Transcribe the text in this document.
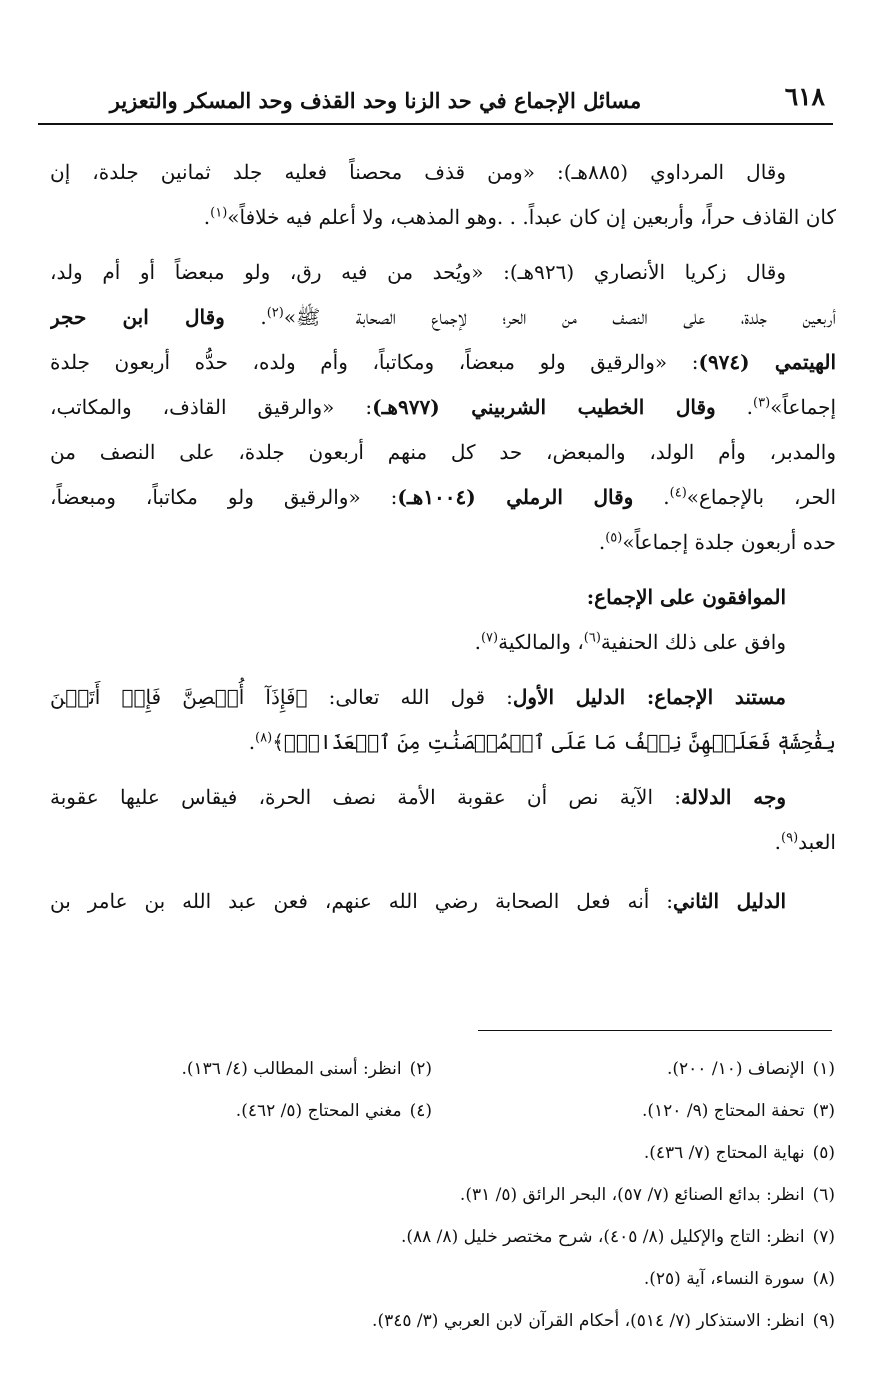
٦١٨
مسائل الإجماع في حد الزنا وحد القذف وحد المسكر والتعزير
وقال المرداوي (٨٨٥هـ): «ومن قذف محصناً فعليه جلد ثمانين جلدة، إن
كان القاذف حراً، وأربعين إن كان عبداً. . .وهو المذهب، ولا أعلم فيه خلافاً»$^{(١)}$.
وقال زكريا الأنصاري (٩٢٦هـ): «ويُحد من فيه رق، ولو مبعضاً أو أم ولد،
أربعين جلدة، على النصف من الحر؛ لإجماع الصحابة ﷺ»$^{(٢)}$. وقال ابن حجر
الهيتمي (٩٧٤): «والرقيق ولو مبعضاً، ومكاتباً، وأم ولده، حدُّه أربعون جلدة
إجماعاً»$^{(٣)}$. وقال الخطيب الشربيني (٩٧٧هـ): «والرقيق القاذف، والمكاتب،
والمدبر، وأم الولد، والمبعض، حد كل منهم أربعون جلدة، على النصف من
الحر، بالإجماع»$^{(٤)}$. وقال الرملي (١٠٠٤هـ): «والرقيق ولو مكاتباً، ومبعضاً،
حده أربعون جلدة إجماعاً»$^{(٥)}$.
الموافقون على الإجماع:
وافق على ذلك الحنفية$^{(٦)}$، والمالكية$^{(٧)}$.
مستند الإجماع: الدليل الأول: قول الله تعالى: ﴿فَإِذَآ أُحۡصِنَّ فَإِنۡ أَتَيۡنَ
بِفَٰحِشَةٖ فَعَلَيۡهِنَّ نِصۡفُ مَا عَلَى ٱلۡمُحۡصَنَٰتِ مِنَ ٱلۡعَذَابِۚ﴾$^{(٨)}$.
وجه الدلالة: الآية نص أن عقوبة الأمة نصف الحرة، فيقاس عليها عقوبة
العبد$^{(٩)}$.
الدليل الثاني: أنه فعل الصحابة رضي الله عنهم، فعن عبد الله بن عامر بن
(١)الإنصاف (١٠/ ٢٠٠).
(٢)انظر: أسنى المطالب (٤/ ١٣٦).
(٣)تحفة المحتاج (٩/ ١٢٠).
(٤)مغني المحتاج (٥/ ٤٦٢).
(٥)
نهاية المحتاج (٧/ ٤٣٦).
(٦)
انظر: بدائع الصنائع (٧/ ٥٧)، البحر الرائق (٥/ ٣١).
(٧)
انظر: التاج والإكليل (٨/ ٤٠٥)، شرح مختصر خليل (٨/ ٨٨).
(٨)
سورة النساء، آية (٢٥).
(٩)
انظر: الاستذكار (٧/ ٥١٤)، أحكام القرآن لابن العربي (٣/ ٣٤٥).
